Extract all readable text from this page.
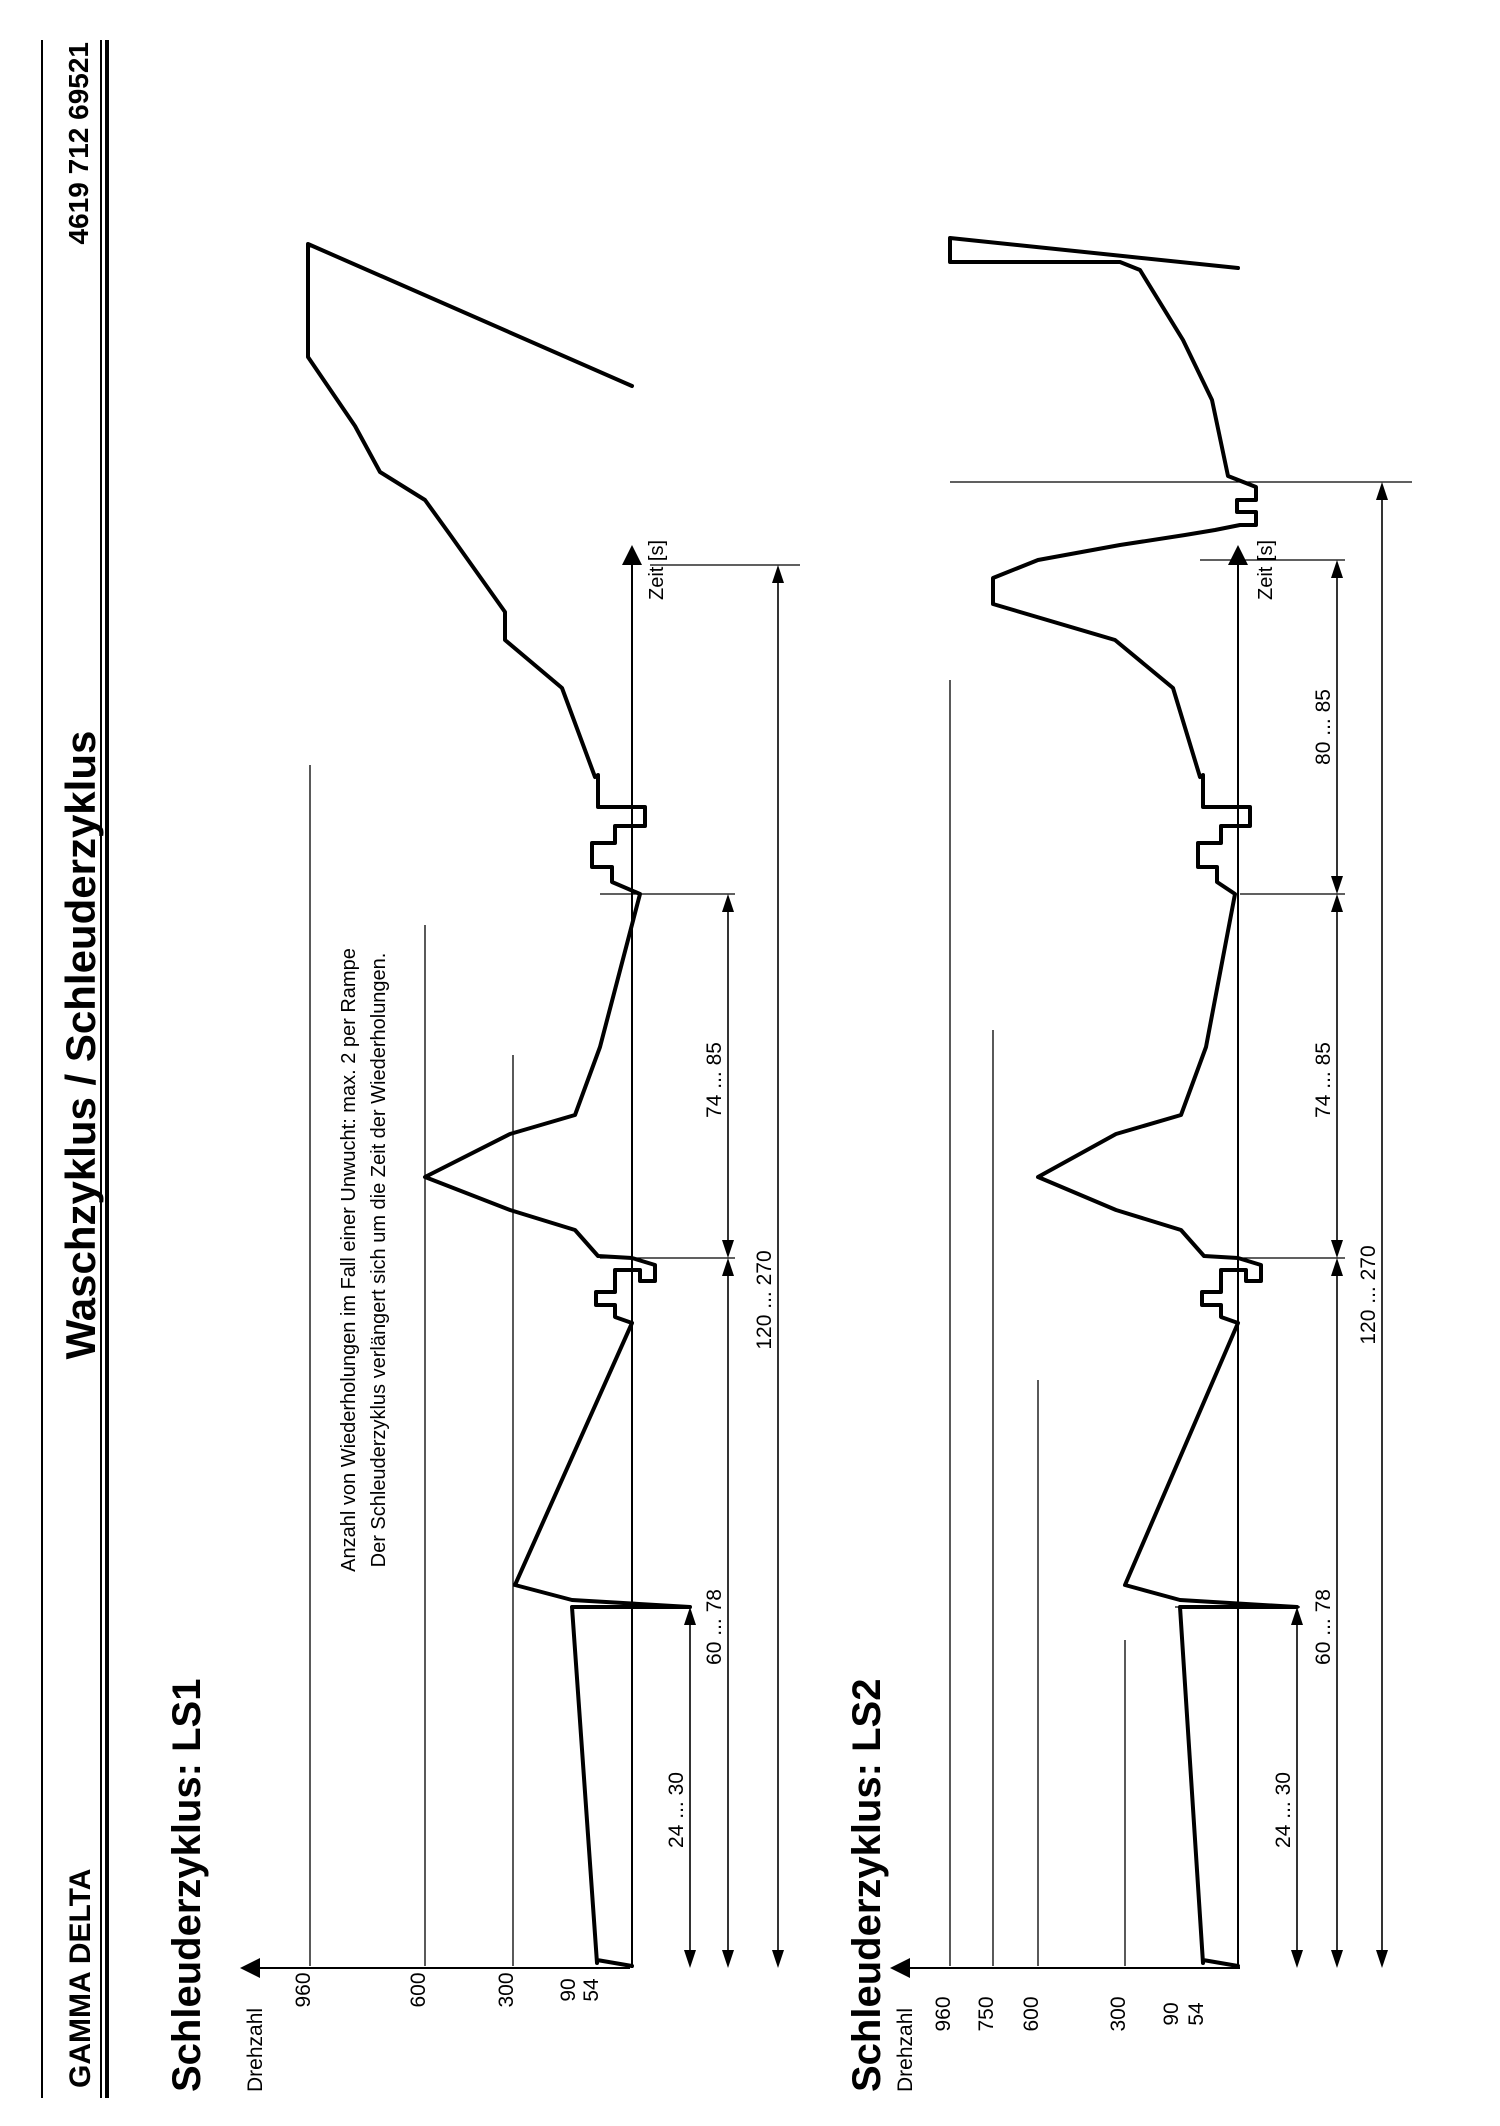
GAMMA DELTA
Waschzyklus / Schleuderzyklus
4619 712 69521
Schleuderzyklus: LS1 Drehzahl
960	600	300 90 54
Zeit [s]
24 ... 30
60 ... 78
74 ... 85
120 ... 270
Anzahl von Wiederholungen im Fall einer Unwucht: max. 2 per Rampe Der Schleuderzyklus verlängert sich um die Zeit der Wiederholungen.
Schleuderzyklus: LS2 Drehzahl 960 750 600	300 90 54
Zeit [s]
24 ... 30
60 ... 78
74 ... 85
80 ... 85
120 ... 270
